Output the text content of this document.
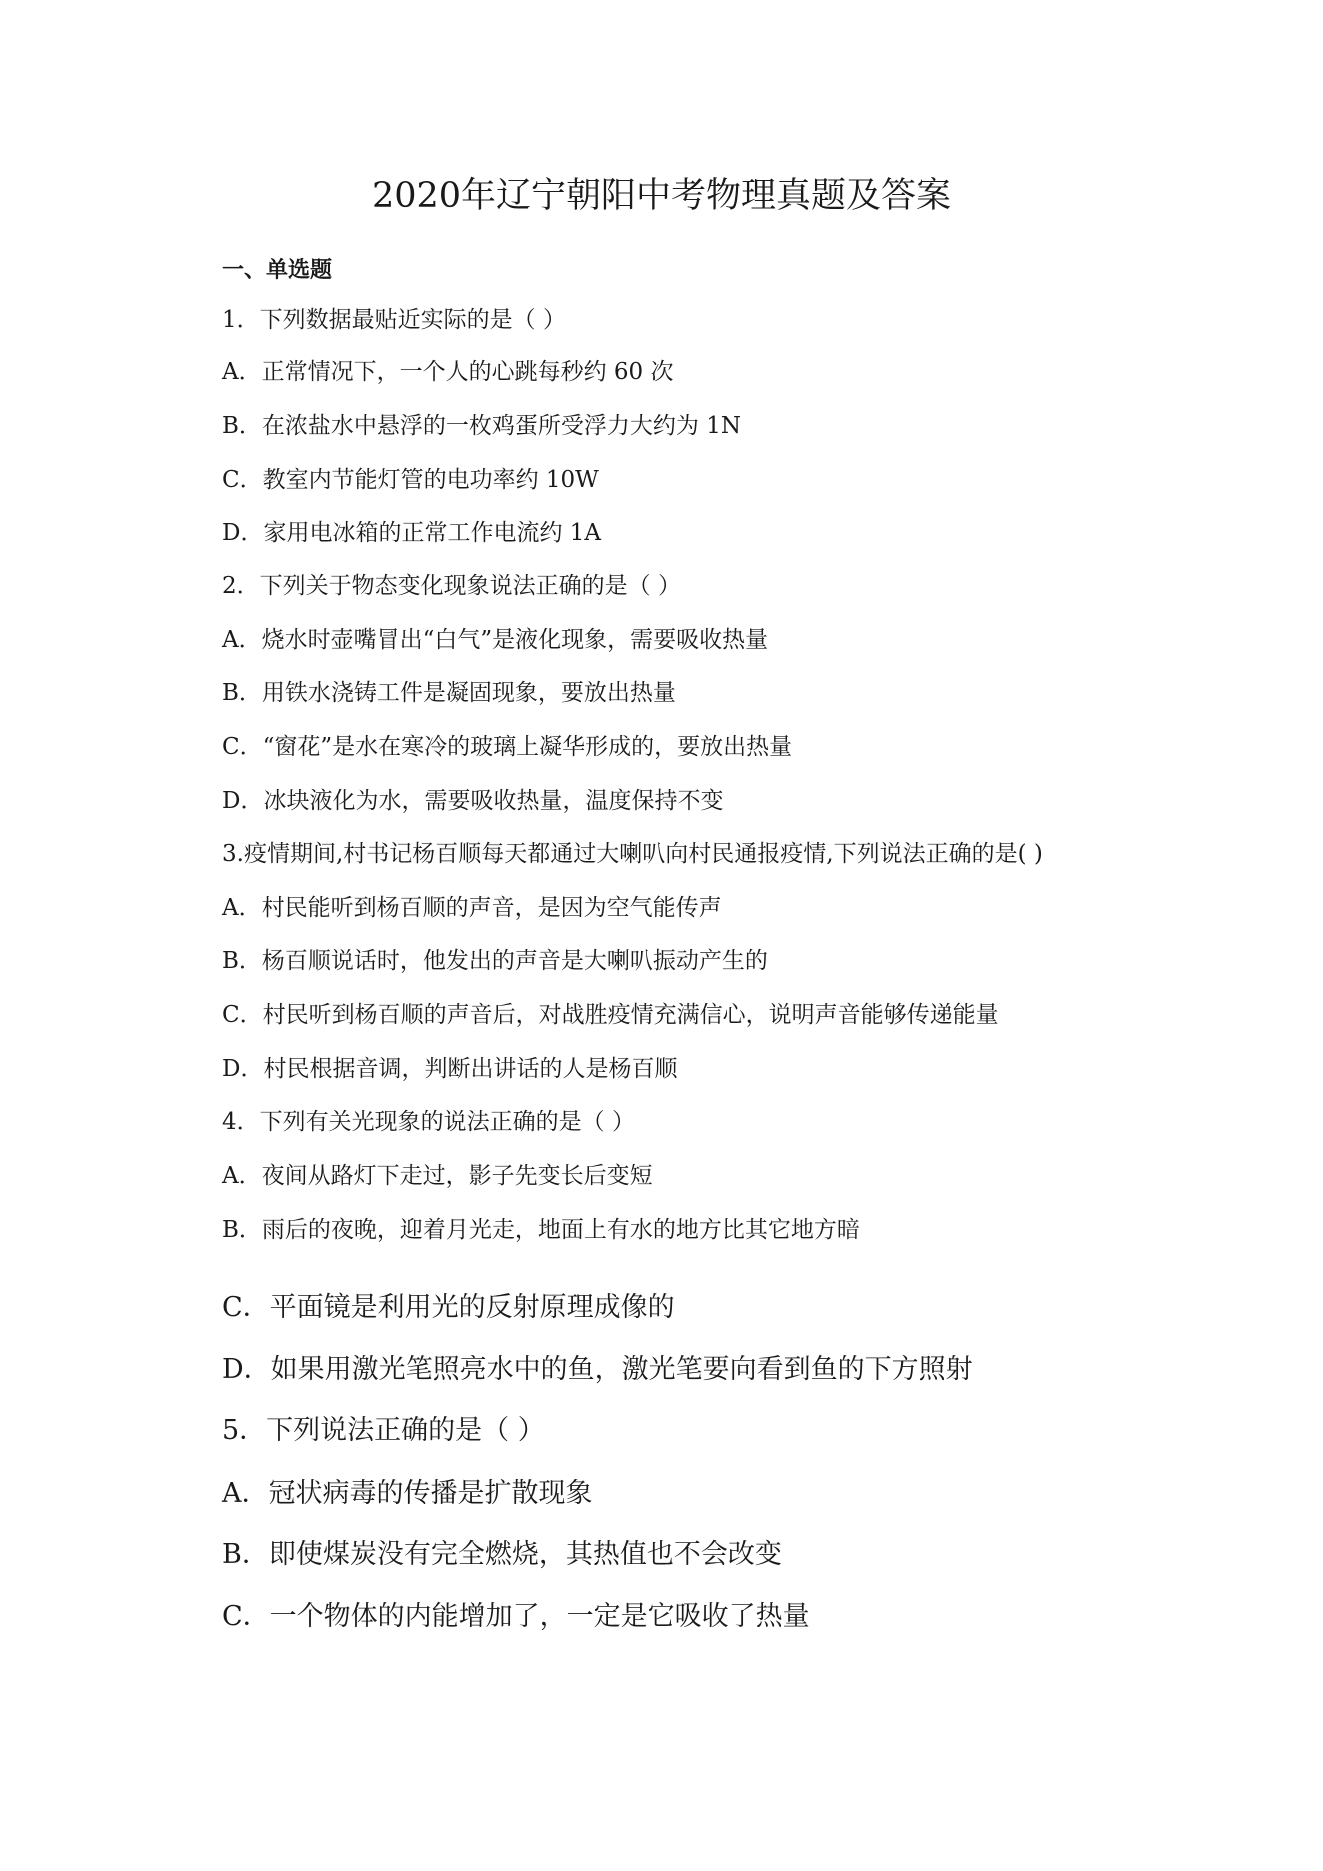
2020年辽宁朝阳中考物理真题及答案
一、单选题
1．下列数据最贴近实际的是（ ）
A．正常情况下，一个人的心跳每秒约 60 次
B．在浓盐水中悬浮的一枚鸡蛋所受浮力大约为 1N
C．教室内节能灯管的电功率约 10W
D．家用电冰箱的正常工作电流约 1A
2．下列关于物态变化现象说法正确的是（ ）
A．烧水时壶嘴冒出“白气”是液化现象，需要吸收热量
B．用铁水浇铸工件是凝固现象，要放出热量
C．“窗花”是水在寒冷的玻璃上凝华形成的，要放出热量
D．冰块液化为水，需要吸收热量，温度保持不变
3.疫情期间,村书记杨百顺每天都通过大喇叭向村民通报疫情,下列说法正确的是( )
A．村民能听到杨百顺的声音，是因为空气能传声
B．杨百顺说话时，他发出的声音是大喇叭振动产生的
C．村民听到杨百顺的声音后，对战胜疫情充满信心，说明声音能够传递能量
D．村民根据音调，判断出讲话的人是杨百顺
4．下列有关光现象的说法正确的是（ ）
A．夜间从路灯下走过，影子先变长后变短
B．雨后的夜晚，迎着月光走，地面上有水的地方比其它地方暗
C．平面镜是利用光的反射原理成像的
D．如果用激光笔照亮水中的鱼，激光笔要向看到鱼的下方照射
5．下列说法正确的是（ ）
A．冠状病毒的传播是扩散现象
B．即使煤炭没有完全燃烧，其热值也不会改变
C．一个物体的内能增加了，一定是它吸收了热量
